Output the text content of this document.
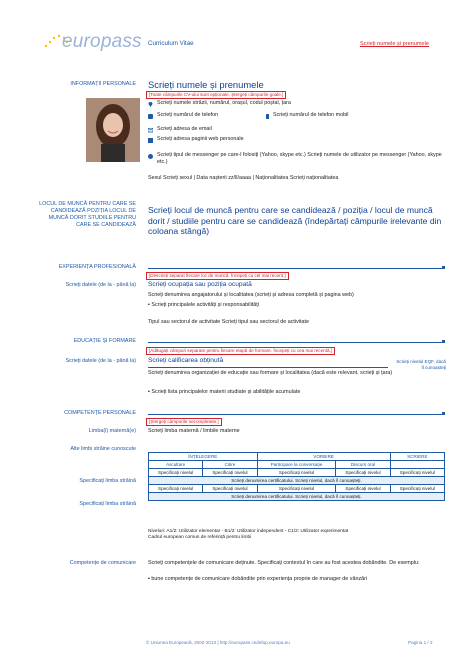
europass Curriculum Vitae	Scrieți numele și prenumele
INFORMAȚII PERSONALE Scrieți numele și prenumele
[Toate câmpurile CV-ului sunt opționale. Ștergeți câmpurile goale.]
Scrieți numele străzii, numărul, orașul, codul poștal, țara
Scrieți numărul de telefon	Scrieți numărul de telefon mobil
Scrieți adresa de email
Scrieți adresa paginii web personale
Scrieți tipul de messenger pe care-l folosiți (Yahoo, skype etc.) Scrieți numele de utilizator pe messenger (Yahoo, skype etc.)
Sexul Scrieți sexul | Data nașterii zz/ll/aaaa | Naționalitatea Scrieți naționalitatea
LOCUL DE MUNCĂ PENTRU CARE SE CANDIDEAZĂ POZIȚIA LOCUL DE MUNCĂ DORIT STUDIILE PENTRU CARE SE CANDIDEAZĂ
Scrieți locul de muncă pentru care se candidează / poziția / locul de muncă dorit / studiile pentru care se candidează (îndepărtați câmpurile irelevante din coloana stângă)
EXPERIENȚA PROFESIONALĂ
[Descrieți separat fiecare loc de muncă. Începeți cu cel mai recent.]
Scrieți datele (de la - până la) Scrieți ocupația sau poziția ocupată
Scrieți denumirea angajatorului și localitatea (scrieți și adresa completă și pagina web)
▪ Scrieți principalele activități și responsabilități
Tipul sau sectorul de activitate Scrieți tipul sau sectorul de activitate
EDUCAȚIE ȘI FORMARE
[Adăugați câmpuri separate pentru fiecare etapă de formare. Începeți cu cea mai recentă.]
Scrieți datele (de la - până la) Scrieți calificarea obținută	Scrieți nivelul EQF, dacă îl cunoașteți
Scrieți denumirea organizației de educație sau formare și localitatea (dacă este relevant, scrieți și țara)
▪ Scrieți lista principalelor materii studiate și abilitățile acumulate
COMPETENȚE PERSONALE
[Ștergeți câmpurile necompletate.]
Limba(i) maternă(e) Scrieți limba maternă / limbile materne
Alte limbi străine cunoscute
ÎNȚELEGERE		VORBIRE		SCRIERE
Ascultare	Citire	Participare la conversație	Discurs oral	
Specificați nivelul	Specificați nivelul	Specificați nivelul	Specificați nivelul	Specificați nivelul
Scrieți denumirea certificatului. Scrieți nivelul, dacă îl cunoașteți.				
Specificați nivelul	Specificați nivelul	Specificați nivelul	Specificați nivelul	Specificați nivelul
Scrieți denumirea certificatului. Scrieți nivelul, dacă îl cunoașteți.				
Specificați limba străină
Specificați limba străină
Niveluri: A1/2: Utilizator elementar - B1/2: Utilizator independent - C1/2: Utilizator experimentat
Cadrul european comun de referință pentru limbi
Competențe de comunicare Scrieți competențele de comunicare deținute. Specificați contextul în care au fost acestea dobândite. De exemplu:
▪ bune competențe de comunicare dobândite prin experiența proprie de manager de vânzări
© Uniunea Europeană, 2002-2013 | http://europass.cedefop.europa.eu	Pagina 1 / 2
